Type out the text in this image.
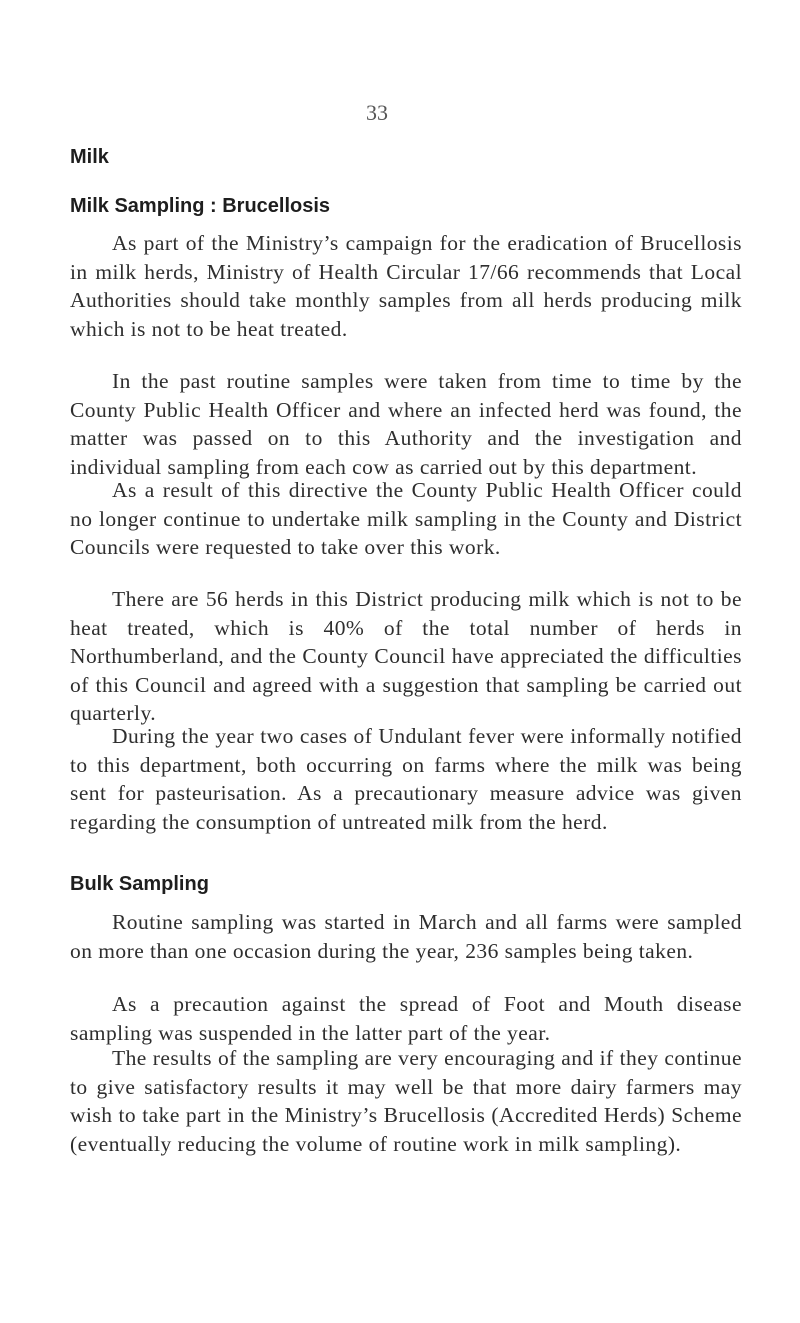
33
Milk
Milk Sampling : Brucellosis

As part of the Ministry’s campaign for the eradication of Brucellosis in milk herds, Ministry of Health Circular 17/66 recommends that Local Authorities should take monthly samples from all herds producing milk which is not to be heat treated.

In the past routine samples were taken from time to time by the County Public Health Officer and where an infected herd was found, the matter was passed on to this Authority and the investigation and individual sampling from each cow as carried out by this department.

As a result of this directive the County Public Health Officer could no longer continue to undertake milk sampling in the County and District Councils were requested to take over this work.

There are 56 herds in this District producing milk which is not to be heat treated, which is 40% of the total number of herds in Northumberland, and the County Council have appreciated the difficulties of this Council and agreed with a suggestion that sampling be carried out quarterly.

During the year two cases of Undulant fever were informally notified to this department, both occurring on farms where the milk was being sent for pasteurisation. As a precautionary measure advice was given regarding the consumption of untreated milk from the herd.

Bulk Sampling

Routine sampling was started in March and all farms were sampled on more than one occasion during the year, 236 samples being taken.

As a precaution against the spread of Foot and Mouth disease sampling was suspended in the latter part of the year.

The results of the sampling are very encouraging and if they continue to give satisfactory results it may well be that more dairy farmers may wish to take part in the Ministry’s Brucellosis (Accredited Herds) Scheme (eventually reducing the volume of routine work in milk sampling).
